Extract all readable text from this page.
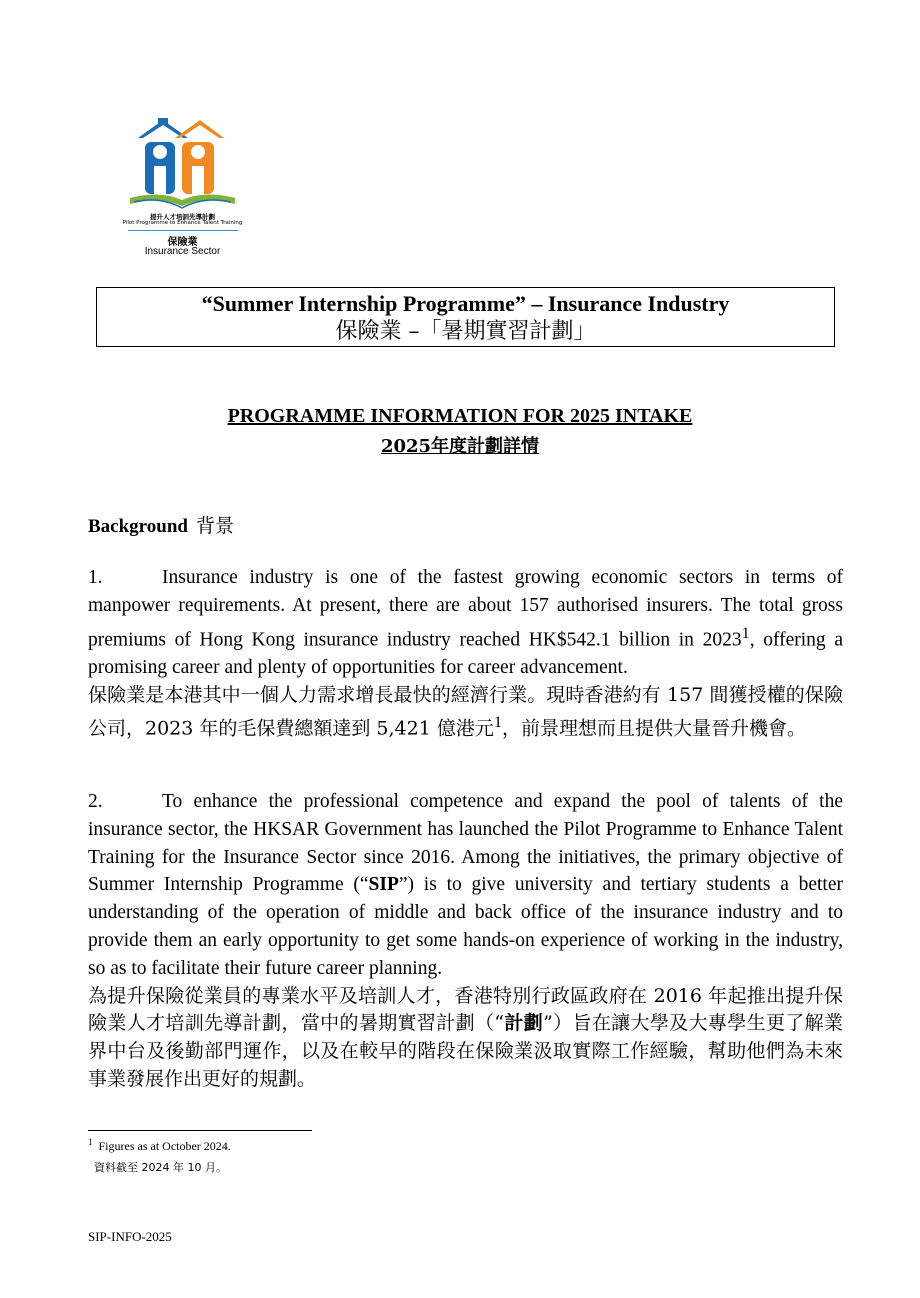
提升人才培訓先導計劃
Pilot Programme to Enhance Talent Training
保險業
Insurance Sector
“Summer Internship Programme” – Insurance Industry
保險業 –「暑期實習計劃」
PROGRAMME INFORMATION FOR 2025 INTAKE
2025年度計劃詳情
Background 背景
1.	Insurance industry is one of the fastest growing economic sectors in terms of manpower requirements. At present, there are about 157 authorised insurers. The total gross premiums of Hong Kong insurance industry reached HK$542.1 billion in 2023$^1$, offering a promising career and plenty of opportunities for career advancement.
保險業是本港其中一個人力需求增長最快的經濟行業。現時香港約有 157 間獲授權的保險公司，2023 年的毛保費總額達到 5,421 億港元$^1$，前景理想而且提供大量晉升機會。
2.	To enhance the professional competence and expand the pool of talents of the insurance sector, the HKSAR Government has launched the Pilot Programme to Enhance Talent Training for the Insurance Sector since 2016. Among the initiatives, the primary objective of Summer Internship Programme (“SIP”) is to give university and tertiary students a better understanding of the operation of middle and back office of the insurance industry and to provide them an early opportunity to get some hands-on experience of working in the industry, so as to facilitate their future career planning.
為提升保險從業員的專業水平及培訓人才，香港特別行政區政府在 2016 年起推出提升保險業人才培訓先導計劃，當中的暑期實習計劃（“計劃”）旨在讓大學及大專學生更了解業界中台及後勤部門運作，以及在較早的階段在保險業汲取實際工作經驗，幫助他們為未來事業發展作出更好的規劃。
$^1$ Figures as at October 2024.
資料截至 2024 年 10 月。
SIP-INFO-2025
